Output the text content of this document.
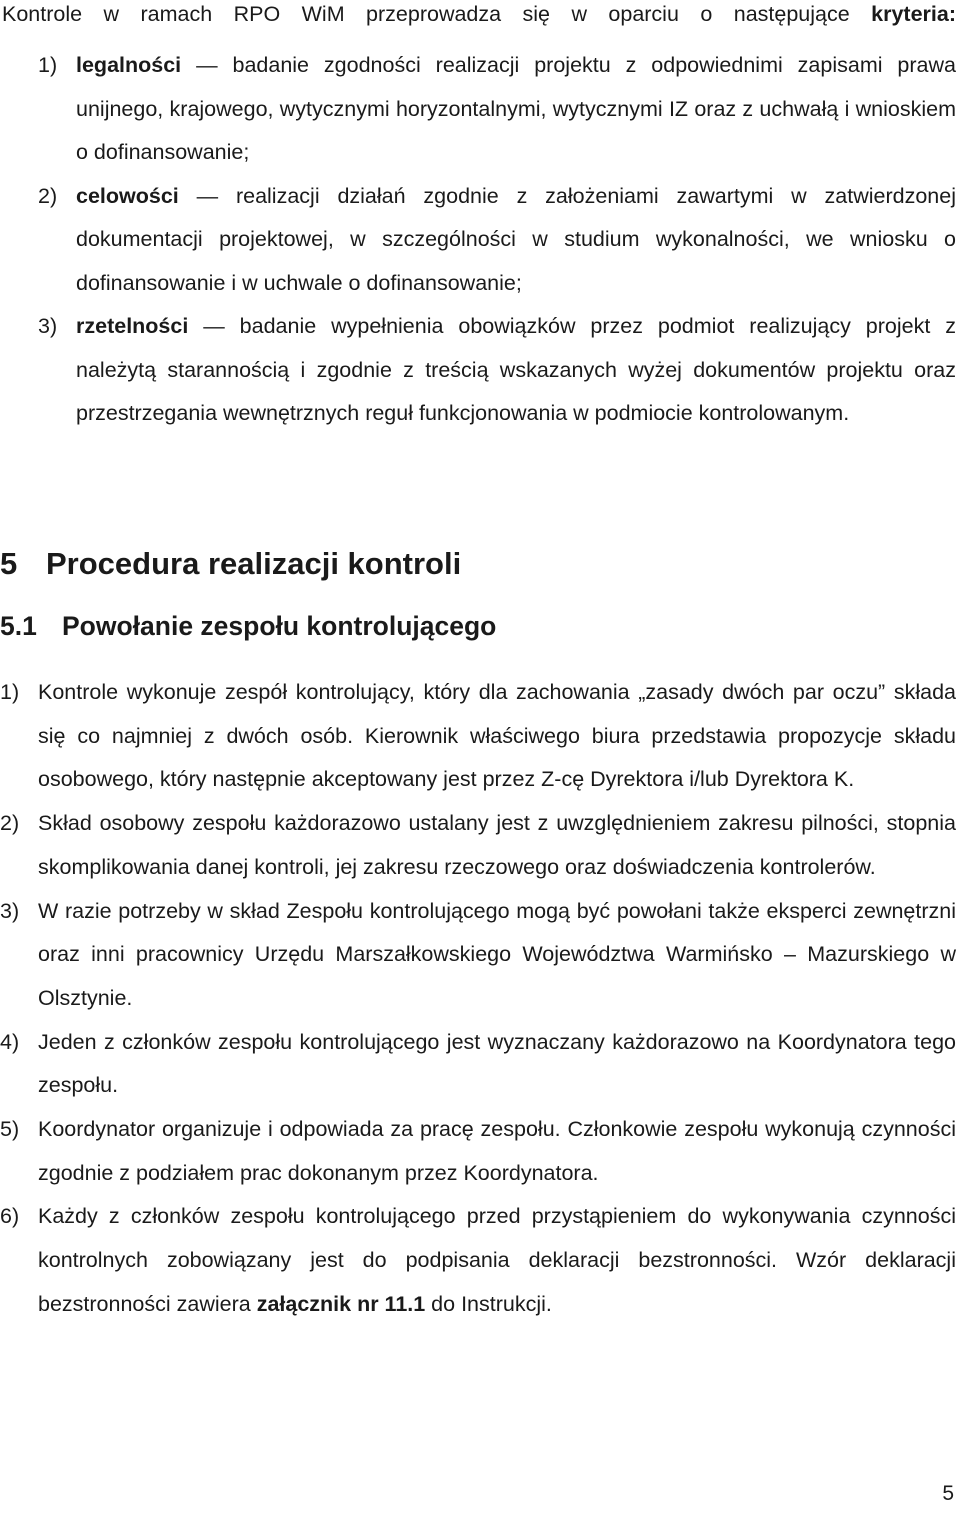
Kontrole w ramach RPO WiM przeprowadza się w oparciu o następujące kryteria:

1) legalności — badanie zgodności realizacji projektu z odpowiednimi zapisami prawa unijnego, krajowego, wytycznymi horyzontalnymi, wytycznymi IZ oraz z uchwałą i wnioskiem o dofinansowanie;

2) celowości — realizacji działań zgodnie z założeniami zawartymi w zatwierdzonej dokumentacji projektowej, w szczególności w studium wykonalności, we wniosku o dofinansowanie i w uchwale o dofinansowanie;

3) rzetelności — badanie wypełnienia obowiązków przez podmiot realizujący projekt z należytą starannością i zgodnie z treścią wskazanych wyżej dokumentów projektu oraz przestrzegania wewnętrznych reguł funkcjonowania w podmiocie kontrolowanym.

5 Procedura realizacji kontroli
5.1 Powołanie zespołu kontrolującego

1) Kontrole wykonuje zespół kontrolujący, który dla zachowania „zasady dwóch par oczu” składa się co najmniej z dwóch osób. Kierownik właściwego biura przedstawia propozycje składu osobowego, który następnie akceptowany jest przez Z-cę Dyrektora i/lub Dyrektora K.

2) Skład osobowy zespołu każdorazowo ustalany jest z uwzględnieniem zakresu pilności, stopnia skomplikowania danej kontroli, jej zakresu rzeczowego oraz doświadczenia kontrolerów.

3) W razie potrzeby w skład Zespołu kontrolującego mogą być powołani także eksperci zewnętrzni oraz inni pracownicy Urzędu Marszałkowskiego Województwa Warmińsko – Mazurskiego w Olsztynie.

4) Jeden z członków zespołu kontrolującego jest wyznaczany każdorazowo na Koordynatora tego zespołu.

5) Koordynator organizuje i odpowiada za pracę zespołu. Członkowie zespołu wykonują czynności zgodnie z podziałem prac dokonanym przez Koordynatora.

6) Każdy z członków zespołu kontrolującego przed przystąpieniem do wykonywania czynności kontrolnych zobowiązany jest do podpisania deklaracji bezstronności. Wzór deklaracji bezstronności zawiera załącznik nr 11.1 do Instrukcji.

5
